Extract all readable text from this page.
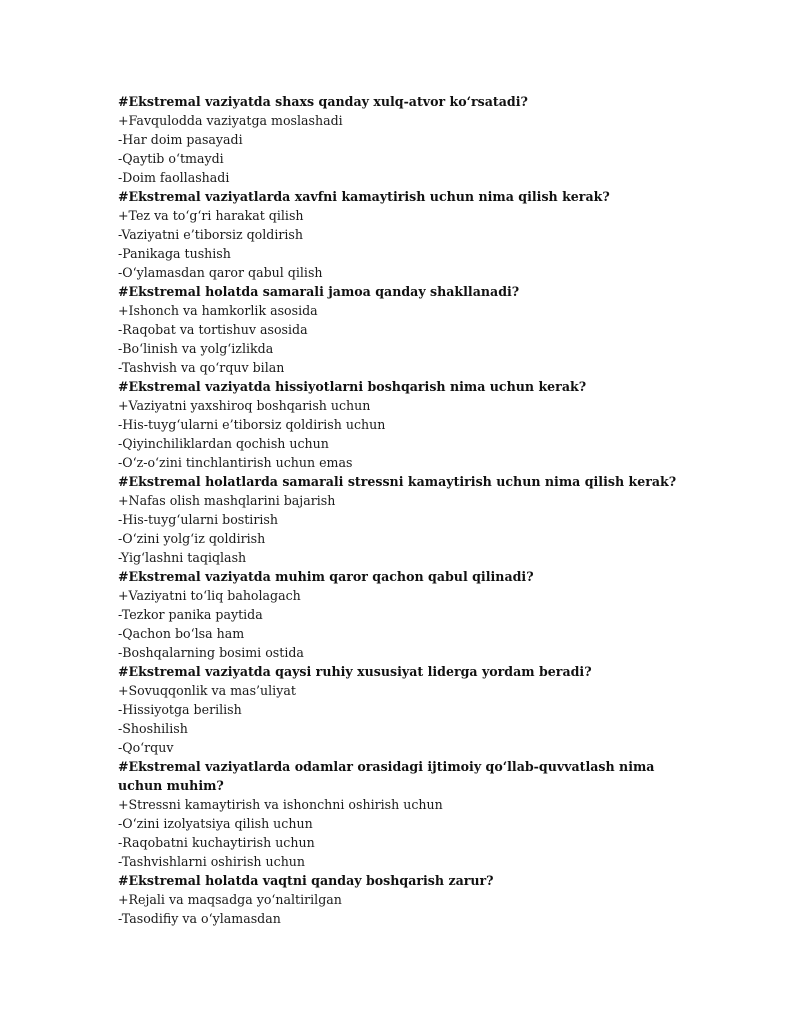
#Ekstremal vaziyatda shaxs qanday xulq-atvor ko‘rsatadi?
+Favqulodda vaziyatga moslashadi
-Har doim pasayadi
-Qaytib o‘tmaydi
-Doim faollashadi
#Ekstremal vaziyatlarda xavfni kamaytirish uchun nima qilish kerak?
+Tez va to‘g‘ri harakat qilish
-Vaziyatni e’tiborsiz qoldirish
-Panikaga tushish
-O‘ylamasdan qaror qabul qilish
#Ekstremal holatda samarali jamoa qanday shakllanadi?
+Ishonch va hamkorlik asosida
-Raqobat va tortishuv asosida
-Bo‘linish va yolg‘izlikda
-Tashvish va qo‘rquv bilan
#Ekstremal vaziyatda hissiyotlarni boshqarish nima uchun kerak?
+Vaziyatni yaxshiroq boshqarish uchun
-His-tuyg‘ularni e’tiborsiz qoldirish uchun
-Qiyinchiliklardan qochish uchun
-O‘z-o‘zini tinchlantirish uchun emas
#Ekstremal holatlarda samarali stressni kamaytirish uchun nima qilish kerak?
+Nafas olish mashqlarini bajarish
-His-tuyg‘ularni bostirish
-O‘zini yolg‘iz qoldirish
-Yig‘lashni taqiqlash
#Ekstremal vaziyatda muhim qaror qachon qabul qilinadi?
+Vaziyatni to‘liq baholagach
-Tezkor panika paytida
-Qachon bo‘lsa ham
-Boshqalarning bosimi ostida
#Ekstremal vaziyatda qaysi ruhiy xususiyat liderga yordam beradi?
+Sovuqqonlik va mas’uliyat
-Hissiyotga berilish
-Shoshilish
-Qo‘rquv
#Ekstremal vaziyatlarda odamlar orasidagi ijtimoiy qo‘llab-quvvatlash nima uchun muhim?
+Stressni kamaytirish va ishonchni oshirish uchun
-O‘zini izolyatsiya qilish uchun
-Raqobatni kuchaytirish uchun
-Tashvishlarni oshirish uchun
#Ekstremal holatda vaqtni qanday boshqarish zarur?
+Rejali va maqsadga yo‘naltirilgan
-Tasodifiy va o‘ylamasdan
